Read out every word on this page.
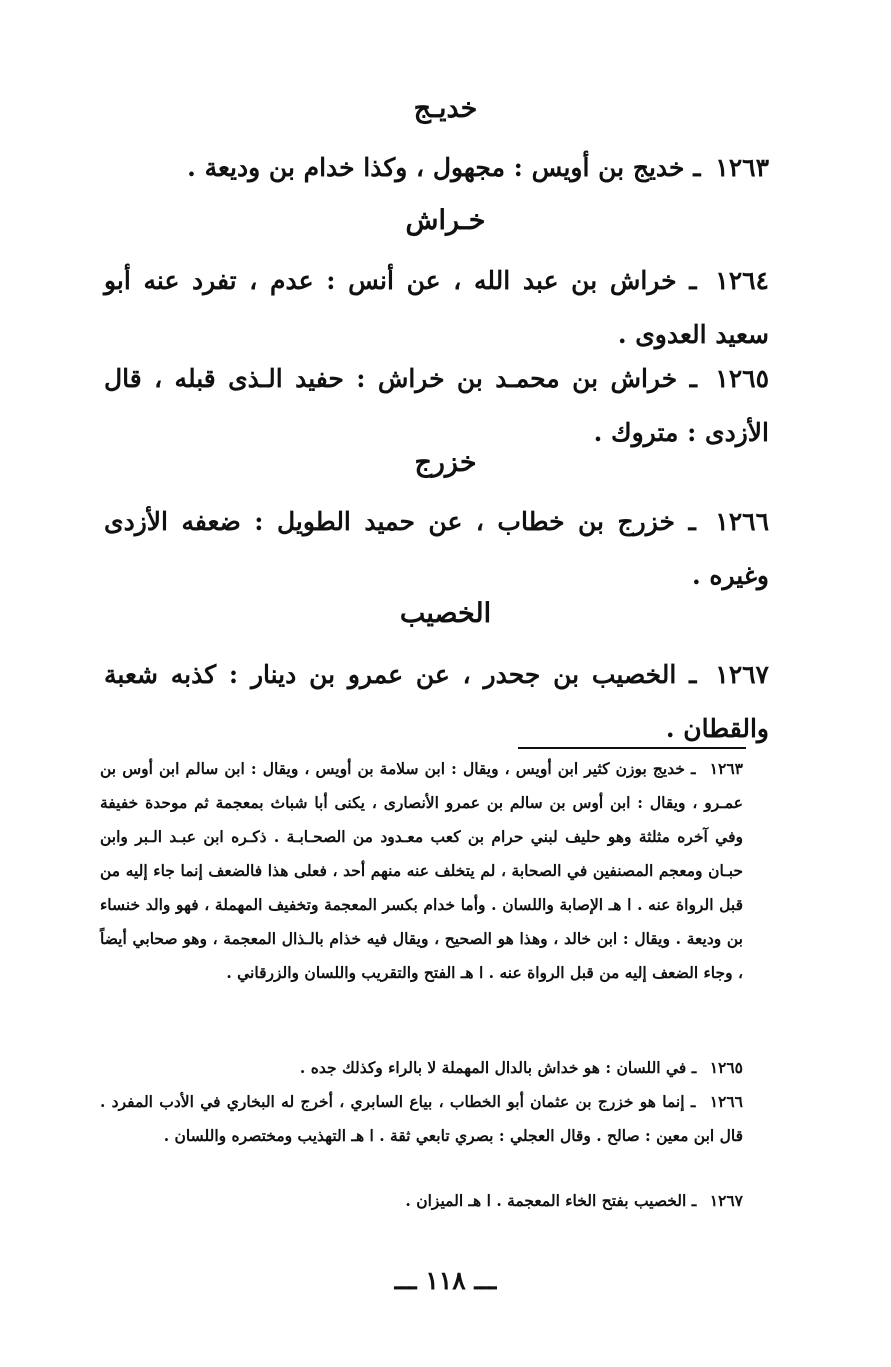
خديـج
١٢٦٣ ـ خديج بن أويس : مجهول ، وكذا خدام بن وديعة .
خـراش
١٢٦٤ ـ خراش بن عبد الله ، عن أنس : عدم ، تفرد عنه أبو سعيد العدوى .
١٢٦٥ ـ خراش بن محمـد بن خراش : حفيد الـذى قبله ، قال الأزدى : متروك .
خزرج
١٢٦٦ ـ خزرج بن خطاب ، عن حميد الطويل : ضعفه الأزدى وغيره .
الخصيب
١٢٦٧ ـ الخصيب بن جحدر ، عن عمرو بن دينار : كذبه شعبة والقطان .
١٢٦٣ ـ خديج بوزن كثير ابن أويس ، ويقال : ابن سلامة بن أويس ، ويقال : ابن سالم ابن أوس بن عمـرو ، ويقال : ابن أوس بن سالم بن عمرو الأنصارى ، يكنى أبا شباث بمعجمة ثم موحدة خفيفة وفي آخره مثلثة وهو حليف لبني حرام بن كعب معـدود من الصحـابـة . ذكـره ابن عبـد الـبر وابن حبـان ومعجم المصنفين في الصحابة ، لم يتخلف عنه منهم أحد ، فعلى هذا فالضعف إنما جاء إليه من قبل الرواة عنه . ا هـ الإصابة واللسان . وأما خدام بكسر المعجمة وتخفيف المهملة ، فهو والد خنساء بن وديعة . ويقال : ابن خالد ، وهذا هو الصحيح ، ويقال فيه خذام بالـذال المعجمة ، وهو صحابي أيضاً ، وجاء الضعف إليه من قبل الرواة عنه . ا هـ الفتح والتقريب واللسان والزرقاني .
١٢٦٥ ـ في اللسان : هو خداش بالدال المهملة لا بالراء وكذلك جده .
١٢٦٦ ـ إنما هو خزرج بن عثمان أبو الخطاب ، بياع السابري ، أخرج له البخاري في الأدب المفرد . قال ابن معين : صالح . وقال العجلي : بصري تابعي ثقة . ا هـ التهذيب ومختصره واللسان .
١٢٦٧ ـ الخصيب بفتح الخاء المعجمة . ا هـ الميزان .
ـــ ١١٨ ـــ
